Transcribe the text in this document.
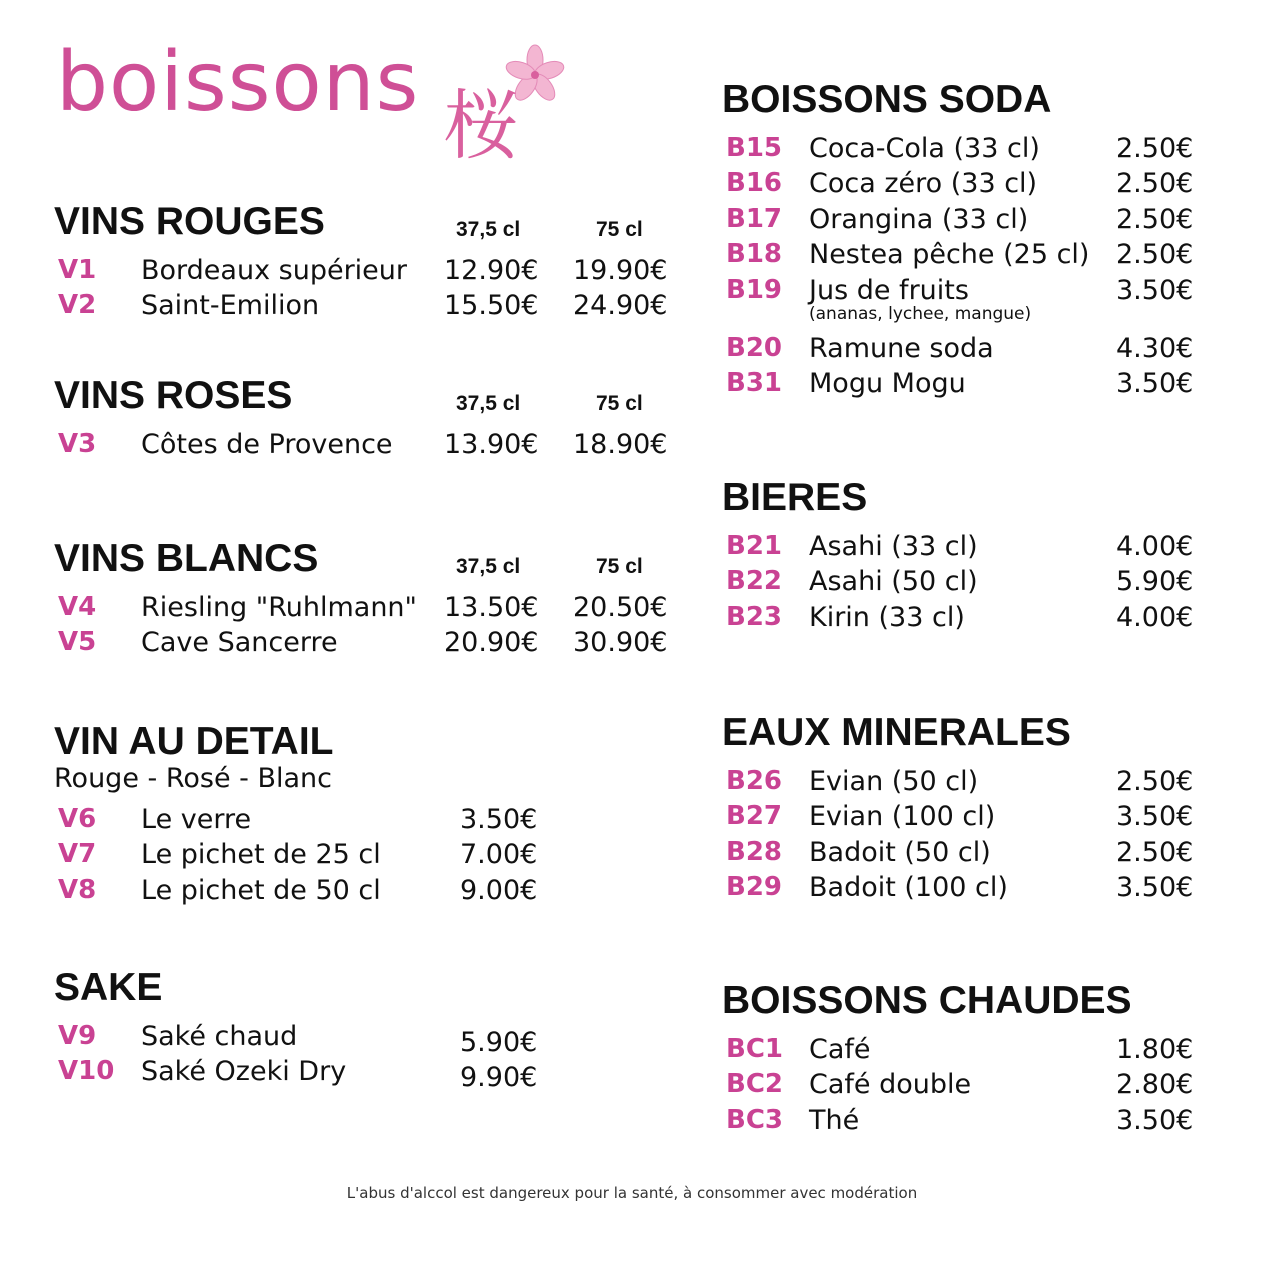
boissons 桜
VINS ROUGES	37,5 cl	75 cl
V1 Bordeaux supérieur 12.90€ 19.90€
V2 Saint-Emilion	15.50€ 24.90€
VINS ROSES	37,5 cl	75 cl
V3 Côtes de Provence 13.90€ 18.90€
VINS BLANCS	37,5 cl	75 cl
V4 Riesling "Ruhlmann" 13.50€ 20.50€
V5 Cave Sancerre	20.90€ 30.90€
VIN AU DETAIL
Rouge - Rosé - Blanc
V6 Le verre	3.50€
V7 Le pichet de 25 cl	7.00€
V8 Le pichet de 50 cl	9.00€
SAKE
V9 Saké chaud	5.90€
V10 Saké Ozeki Dry	9.90€
BOISSONS SODA
B15 Coca-Cola (33 cl)	2.50€
B16 Coca zéro (33 cl)	2.50€
B17 Orangina (33 cl)	2.50€
B18 Nestea pêche (25 cl) 2.50€
B19 Jus de fruits	3.50€
(ananas, lychee, mangue)
B20 Ramune soda	4.30€
B31 Mogu Mogu	3.50€
BIERES
B21 Asahi (33 cl)	4.00€
B22 Asahi (50 cl)	5.90€
B23 Kirin (33 cl)	4.00€
EAUX MINERALES
B26 Evian (50 cl)	2.50€
B27 Evian (100 cl)	3.50€
B28 Badoit (50 cl)	2.50€
B29 Badoit (100 cl)	3.50€
BOISSONS CHAUDES
BC1 Café	1.80€
BC2 Café double	2.80€
BC3 Thé	3.50€
L'abus d'alccol est dangereux pour la santé, à consommer avec modération
